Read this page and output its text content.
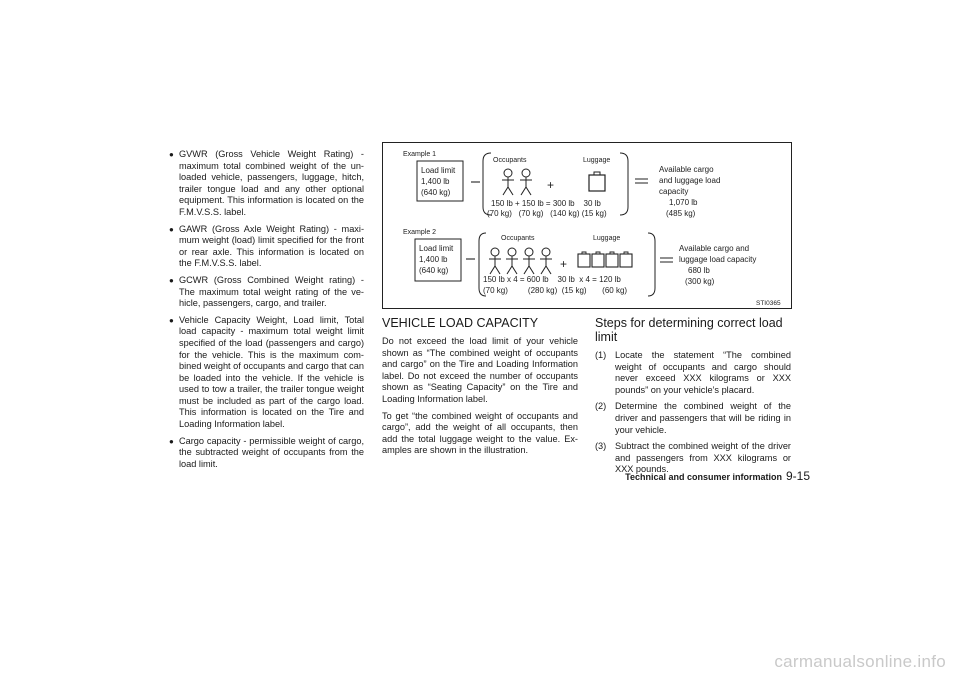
● GVWR (Gross Vehicle Weight Rating) - maximum total combined weight of the un-loaded vehicle, passengers, luggage, hitch, trailer tongue load and any other optional equipment. This information is located on the F.M.V.S.S. label.
● GAWR (Gross Axle Weight Rating) - maxi-mum weight (load) limit specified for the front or rear axle. This information is located on the F.M.V.S.S. label.
● GCWR (Gross Combined Weight rating) - The maximum total weight rating of the ve-hicle, passengers, cargo, and trailer.
● Vehicle Capacity Weight, Load limit, Total load capacity - maximum total weight limit specified of the load (passengers and cargo) for the vehicle. This is the maximum com-bined weight of occupants and cargo that can be loaded into the vehicle. If the vehicle is used to tow a trailer, the trailer tongue weight must be included as part of the cargo load. This information is located on the Tire and Loading Information label.
● Cargo capacity - permissible weight of cargo, the subtracted weight of occupants from the load limit.
Example 1
Load limit
1,400 lb
(640 kg)
Occupants	Luggage
+
150 lb + 150 lb = 300 lb    30 lb
(70 kg)   (70 kg)   (140 kg) (15 kg)
Available cargo
and luggage load
capacity
1,070 lb
(485 kg)
Example 2
Load limit
1,400 lb
(640 kg)
Occupants	Luggage
+
150 lb x 4 = 600 lb    30 lb  x 4 = 120 lb
(70 kg)         (280 kg)  (15 kg)       (60 kg)
Available cargo and
luggage load capacity
680 lb
(300 kg)
STI0365
VEHICLE LOAD CAPACITY

Do not exceed the load limit of your vehicle shown as “The combined weight of occupants and cargo” on the Tire and Loading Information label. Do not exceed the number of occupants shown as “Seating Capacity” on the Tire and Loading Information label.

To get “the combined weight of occupants and cargo”, add the weight of all occupants, then add the total luggage weight to the value. Ex-amples are shown in the illustration.

Steps for determining correct load limit
(1) Locate the statement “The combined weight of occupants and cargo should never exceed XXX kilograms or XXX pounds” on your vehicle’s placard.
(2) Determine the combined weight of the driver and passengers that will be riding in your vehicle.
(3) Subtract the combined weight of the driver and passengers from XXX kilograms or XXX pounds.
Technical and consumer information 9-15
carmanualsonline.info
